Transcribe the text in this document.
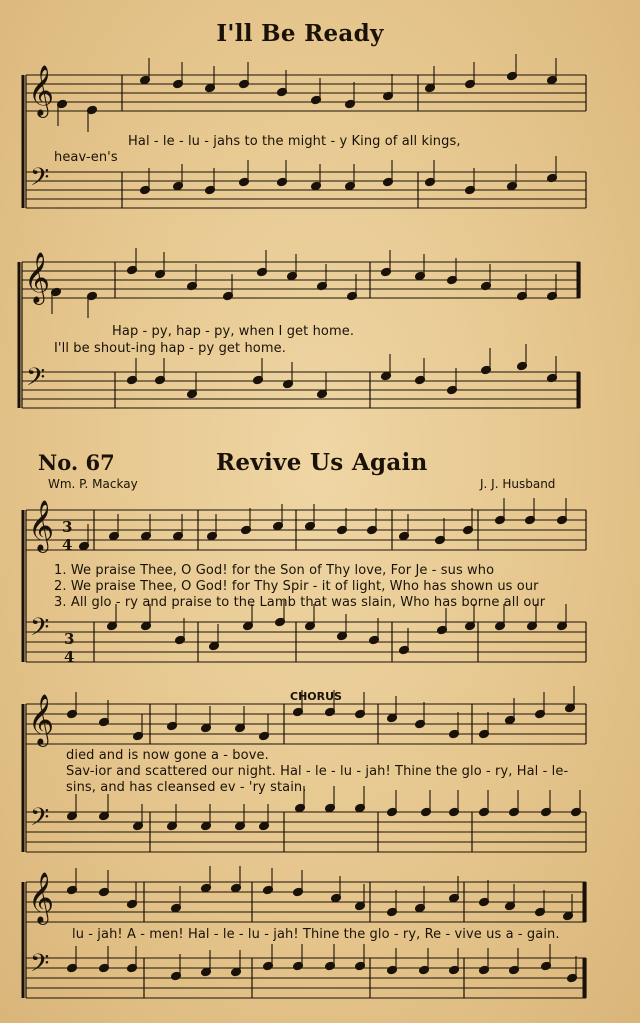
I'll Be Ready
No. 67	Revive Us Again
Wm. P. Mackay	J. J. Husband
CHORUS
Hal - le - lu - jahs to the might - y King of all kings,
heav-en's
Hap - py, hap - py, when I get home.
I'll be shout-ing hap - py get home.
1. We praise Thee, O God! for the Son of Thy love, For Je - sus who
2. We praise Thee, O God! for Thy Spir - it of light, Who has shown us our
3. All glo - ry and praise to the Lamb that was slain, Who has borne all our
died and is now gone a - bove.
Sav-ior and scattered our night. Hal - le - lu - jah! Thine the glo - ry, Hal - le-
sins, and has cleansed ev - 'ry stain.
lu - jah! A - men! Hal - le - lu - jah! Thine the glo - ry, Re - vive us a - gain.
𝄞
𝄢
𝄞
𝄢
𝄞
𝄢
3
4
3
4
𝄞
𝄢
𝄞
𝄢
